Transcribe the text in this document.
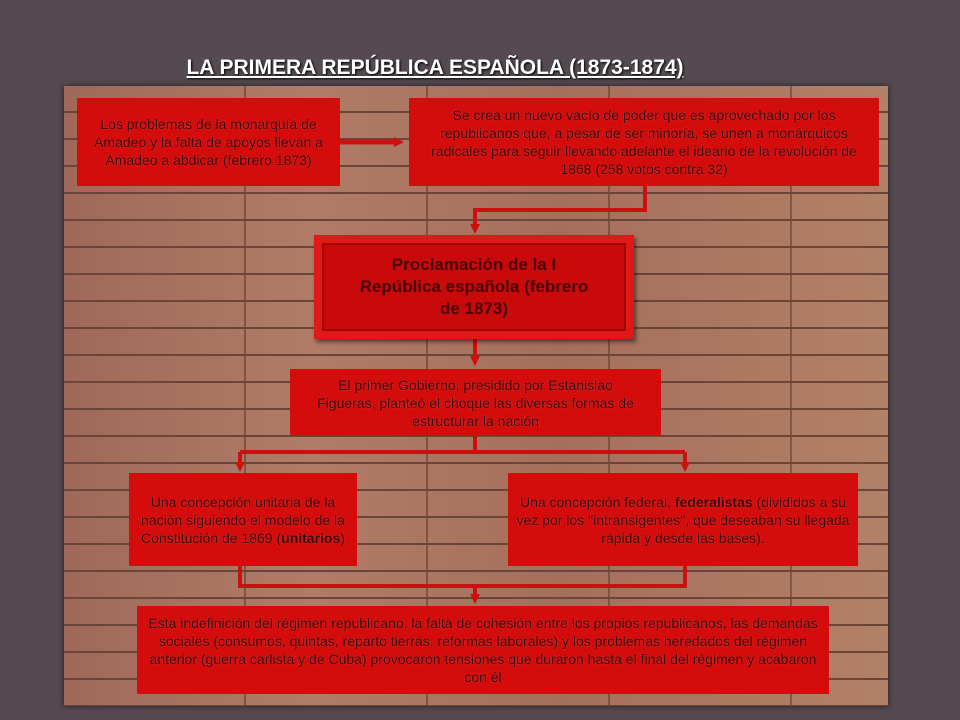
LA PRIMERA REPÚBLICA ESPAÑOLA (1873-1874)
Los problemas de la monarquía de Amadeo y la falta de apoyos llevan a Amadeo a abdicar (febrero 1873)
Se crea un nuevo vacío de poder que es aprovechado por los republicanos que, a pesar de ser minoría, se unen a monárquicos radicales para seguir llevando adelante el ideario de la revolución de 1868 (258 votos contra 32)
Proclamación de la I República española (febrero de 1873)
El primer Gobierno, presidido por Estanislao Figueras, planteó el choque las diversas formas de estructurar la nación
Una concepción unitaria de la nación siguiendo el modelo de la Constitución de 1869 (unitarios)
Una concepción federal, federalistas (divididos a su vez por los "intransigentes", que deseaban su llegada rápida y desde las bases).
Esta indefinición del régimen republicano, la falta de cohesión entre los propios republicanos, las demandas sociales (consumos, quintas, reparto tierras, reformas laborales) y los problemas heredados del régimen anterior (guerra carlista y de Cuba) provocaron tensiones que duraron hasta el final del régimen y acabaron con él
